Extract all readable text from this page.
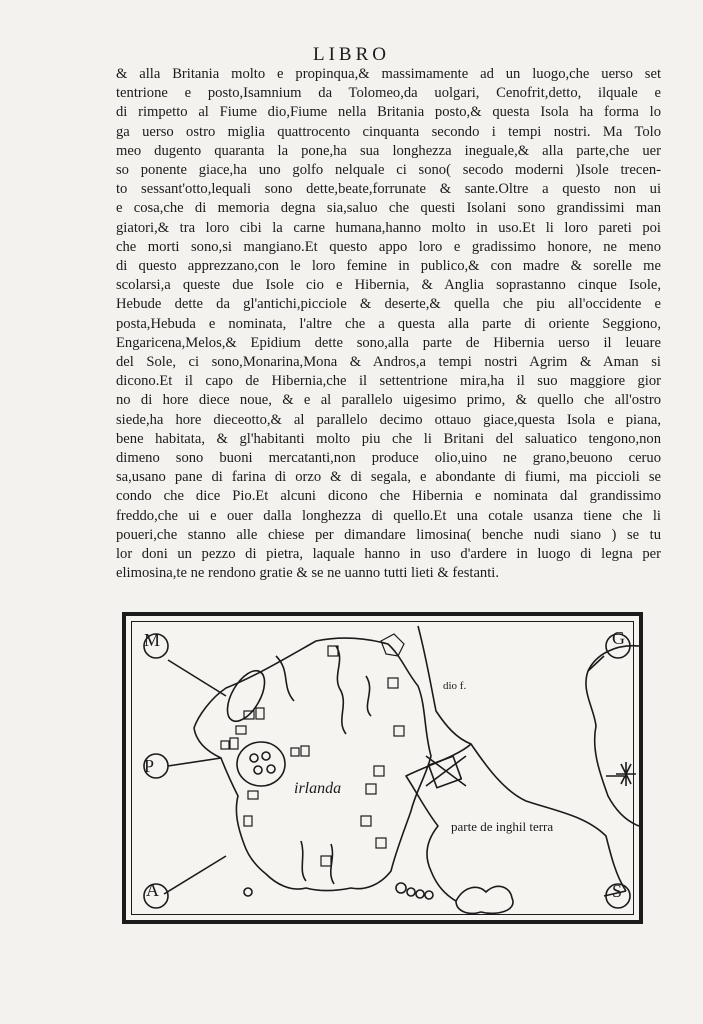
LIBRO
& alla Britania molto e propinqua,& massimamente ad un luogo,che uerso set
tentrione e posto,Isamnium da Tolomeo,da uolgari, Cenofrit,detto, ilquale e
di rimpetto al Fiume dio,Fiume nella Britania posto,& questa Isola ha forma lo
ga uerso ostro miglia quattrocento cinquanta secondo i tempi nostri. Ma Tolo
meo dugento quaranta la pone,ha sua longhezza ineguale,& alla parte,che uer
so ponente giace,ha uno golfo nelquale ci sono( secodo moderni )Isole trecen-
to sessant'otto,lequali sono dette,beate,forrunate & sante.Oltre a questo non ui
e cosa,che di memoria degna sia,saluo che questi Isolani sono grandissimi man
giatori,& tra loro cibi la carne humana,hanno molto in uso.Et li loro pareti poi
che morti sono,si mangiano.Et questo appo loro e gradissimo honore, ne meno
di questo apprezzano,con le loro femine in publico,& con madre & sorelle me
scolarsi,a queste due Isole cio e Hibernia, & Anglia soprastanno cinque Isole,
Hebude dette da gl'antichi,picciole & deserte,& quella che piu all'occidente e
posta,Hebuda e nominata, l'altre che a questa alla parte di oriente Seggiono,
Engaricena,Melos,& Epidium dette sono,alla parte de Hibernia uerso il leuare
del Sole, ci sono,Monarina,Mona & Andros,a tempi nostri Agrim & Aman si
dicono.Et il capo de Hibernia,che il settentrione mira,ha il suo maggiore gior
no di hore diece noue, & e al parallelo uigesimo primo, & quello che all'ostro
siede,ha hore dieceotto,& al parallelo decimo ottauo giace,questa Isola e piana,
bene habitata, & gl'habitanti molto piu che li Britani del saluatico tengono,non
dimeno sono buoni mercatanti,non produce olio,uino ne grano,beuono ceruo
sa,usano pane di farina di orzo & di segala, e abondante di fiumi, ma piccioli se
condo che dice Pio.Et alcuni dicono che Hibernia e nominata dal grandissimo
freddo,che ui e ouer dalla longhezza di quello.Et una cotale usanza tiene che li
poueri,che stanno alle chiese per dimandare limosina( benche nudi siano ) se tu
lor doni un pezzo di pietra, laquale hanno in uso d'ardere in luogo di legna per
elimosina,te ne rendono gratie & se ne uanno tutti lieti & festanti.
irlanda
parte de inghil terra
dio f.
M
P
A
G
S
